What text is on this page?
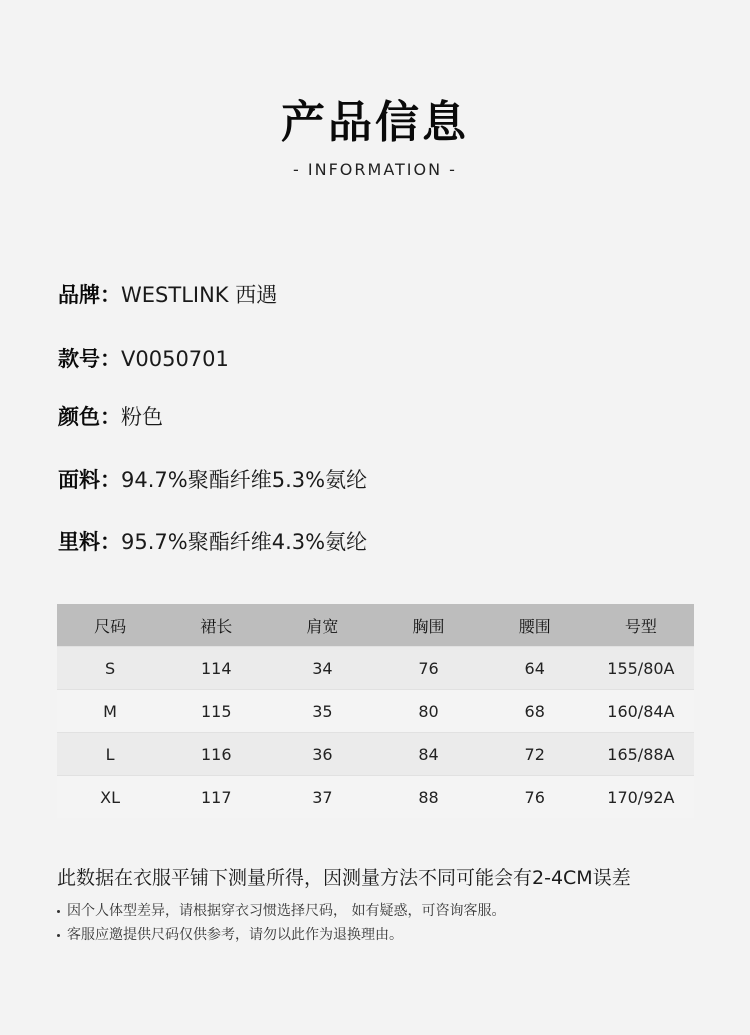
产品信息
- INFORMATION -
品牌：WESTLINK 西遇
款号：V0050701
颜色：粉色
面料：94.7%聚酯纤维5.3%氨纶
里料：95.7%聚酯纤维4.3%氨纶
尺码	裙长	肩宽	胸围	腰围	号型
S	114	34	76	64	155/80A
M	115	35	80	68	160/84A
L	116	36	84	72	165/88A
XL	117	37	88	76	170/92A
此数据在衣服平铺下测量所得，因测量方法不同可能会有2-4CM误差
因个人体型差异，请根据穿衣习惯选择尺码， 如有疑惑，可咨询客服。
客服应邀提供尺码仅供参考，请勿以此作为退换理由。
